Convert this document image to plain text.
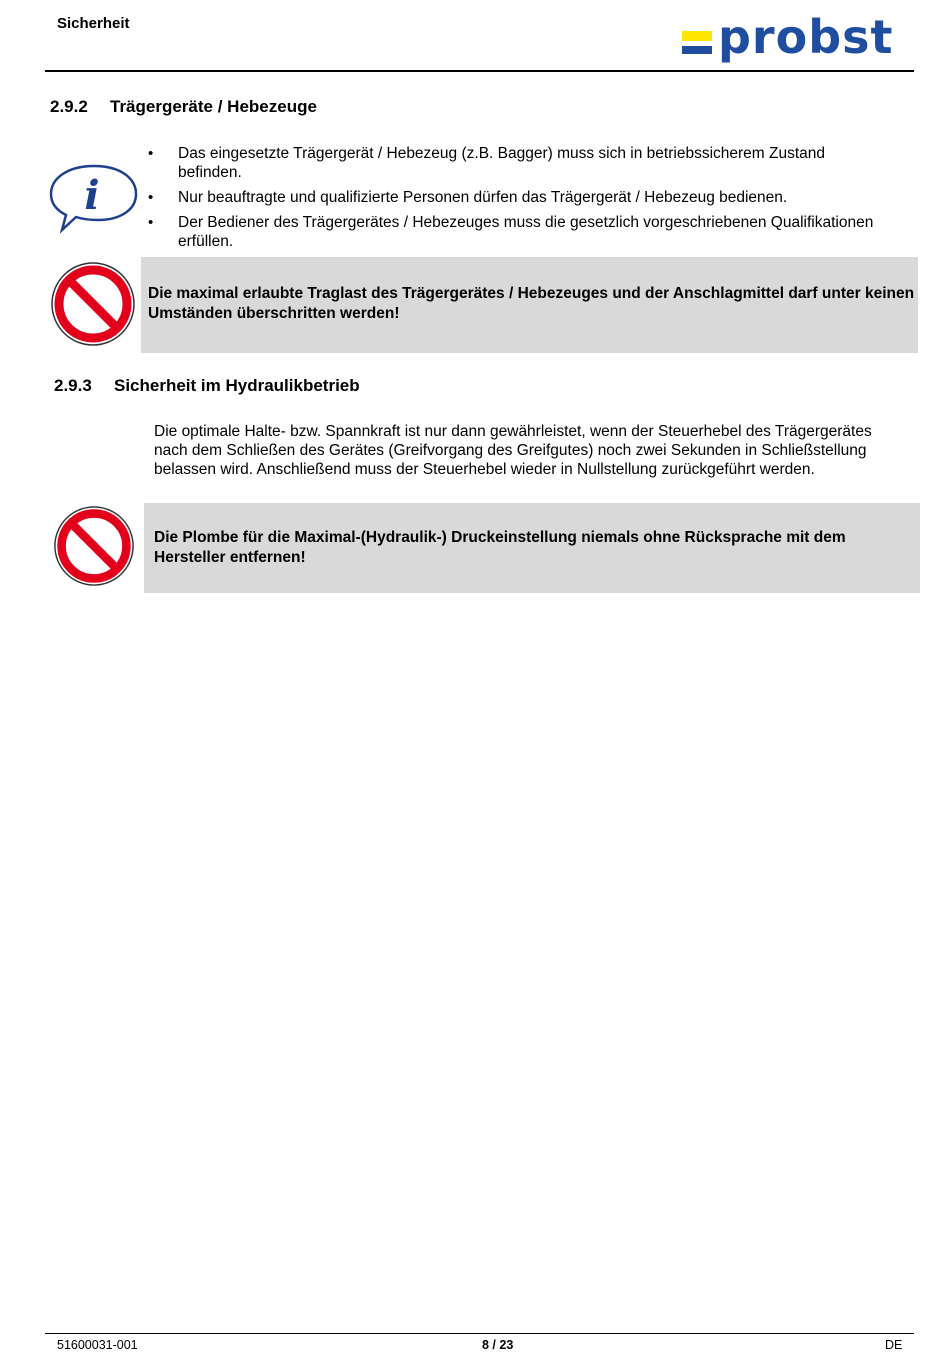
Sicherheit	probst
2.9.2 Trägergeräte / Hebezeuge
i
• Das eingesetzte Trägergerät / Hebezeug (z.B. Bagger) muss sich in betriebssicherem Zustand befinden.
• Nur beauftragte und qualifizierte Personen dürfen das Trägergerät / Hebezeug bedienen.
• Der Bediener des Trägergerätes / Hebezeuges muss die gesetzlich vorgeschriebenen Qualifikationen erfüllen.
Die maximal erlaubte Traglast des Trägergerätes / Hebezeuges und der Anschlagmittel darf unter keinen Umständen überschritten werden!
2.9.3 Sicherheit im Hydraulikbetrieb
Die optimale Halte- bzw. Spannkraft ist nur dann gewährleistet, wenn der Steuerhebel des Trägergerätes nach dem Schließen des Gerätes (Greifvorgang des Greifgutes) noch zwei Sekunden in Schließstellung belassen wird. Anschließend muss der Steuerhebel wieder in Nullstellung zurückgeführt werden.
Die Plombe für die Maximal-(Hydraulik-) Druckeinstellung niemals ohne Rücksprache mit dem Hersteller entfernen!
51600031-001	8 / 23	DE
